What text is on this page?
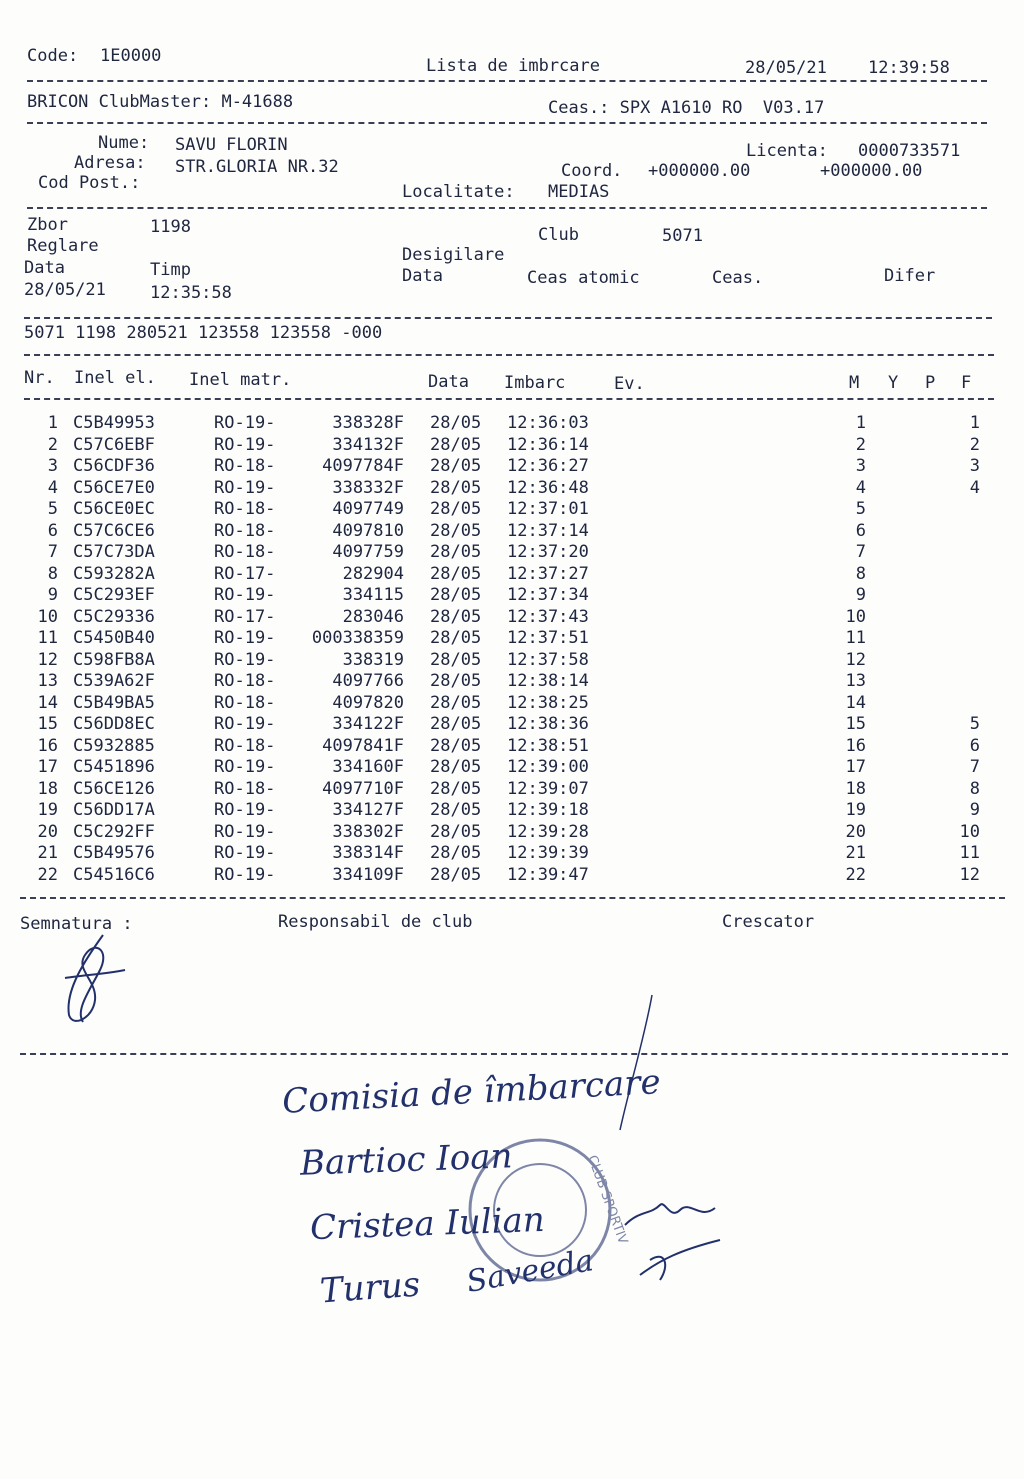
Code: 1E0000	Lista de imbrcare	28/05/21 12:39:58
BRICON ClubMaster: M-41688	Ceas.: SPX A1610 RO  V03.17
Nume: SAVU FLORIN
Adresa: STR.GLORIA NR.32
Cod Post.:
Licenta: 0000733571
Coord. +000000.00	+000000.00
Localitate: MEDIAS
Zbor	1198
Reglare
Club	5071
Desigilare
Data	Timp	Data	Ceas atomic	Ceas.	Difer
28/05/21	12:35:58
5071 1198 280521 123558 123558 -000
Nr. Inel el. Inel matr.	Data Imbarc	Ev.	M Y P F
1 C5B49953	RO-19-	338328F 28/05 12:36:03	1	1
2 C57C6EBF	RO-19-	334132F 28/05 12:36:14	2	2
3 C56CDF36	RO-18-	4097784F 28/05 12:36:27	3	3
4 C56CE7E0	RO-19-	338332F 28/05 12:36:48	4	4
5 C56CE0EC	RO-18-	4097749 28/05 12:37:01	5
6 C57C6CE6	RO-18-	4097810 28/05 12:37:14	6
7 C57C73DA	RO-18-	4097759 28/05 12:37:20	7
8 C593282A	RO-17-	282904 28/05 12:37:27	8
9 C5C293EF	RO-19-	334115 28/05 12:37:34	9
10 C5C29336	RO-17-	283046 28/05 12:37:43	10
11 C5450B40	RO-19- 000338359 28/05 12:37:51	11
12 C598FB8A	RO-19-	338319 28/05 12:37:58	12
13 C539A62F	RO-18-	4097766 28/05 12:38:14	13
14 C5B49BA5	RO-18-	4097820 28/05 12:38:25	14
15 C56DD8EC	RO-19-	334122F 28/05 12:38:36	15	5
16 C5932885	RO-18-	4097841F 28/05 12:38:51	16	6
17 C5451896	RO-19-	334160F 28/05 12:39:00	17	7
18 C56CE126	RO-18-	4097710F 28/05 12:39:07	18	8
19 C56DD17A	RO-19-	334127F 28/05 12:39:18	19	9
20 C5C292FF	RO-19-	338302F 28/05 12:39:28	20	10
21 C5B49576	RO-19-	338314F 28/05 12:39:39	21	11
22 C54516C6	RO-19-	334109F 28/05 12:39:47	22	12
Semnatura :	Responsabil de club	Crescator
CLUB SPORTIV
Comisia de îmbarcare
Bartioc Ioan
Cristea Iulian
Turus Saveeda
